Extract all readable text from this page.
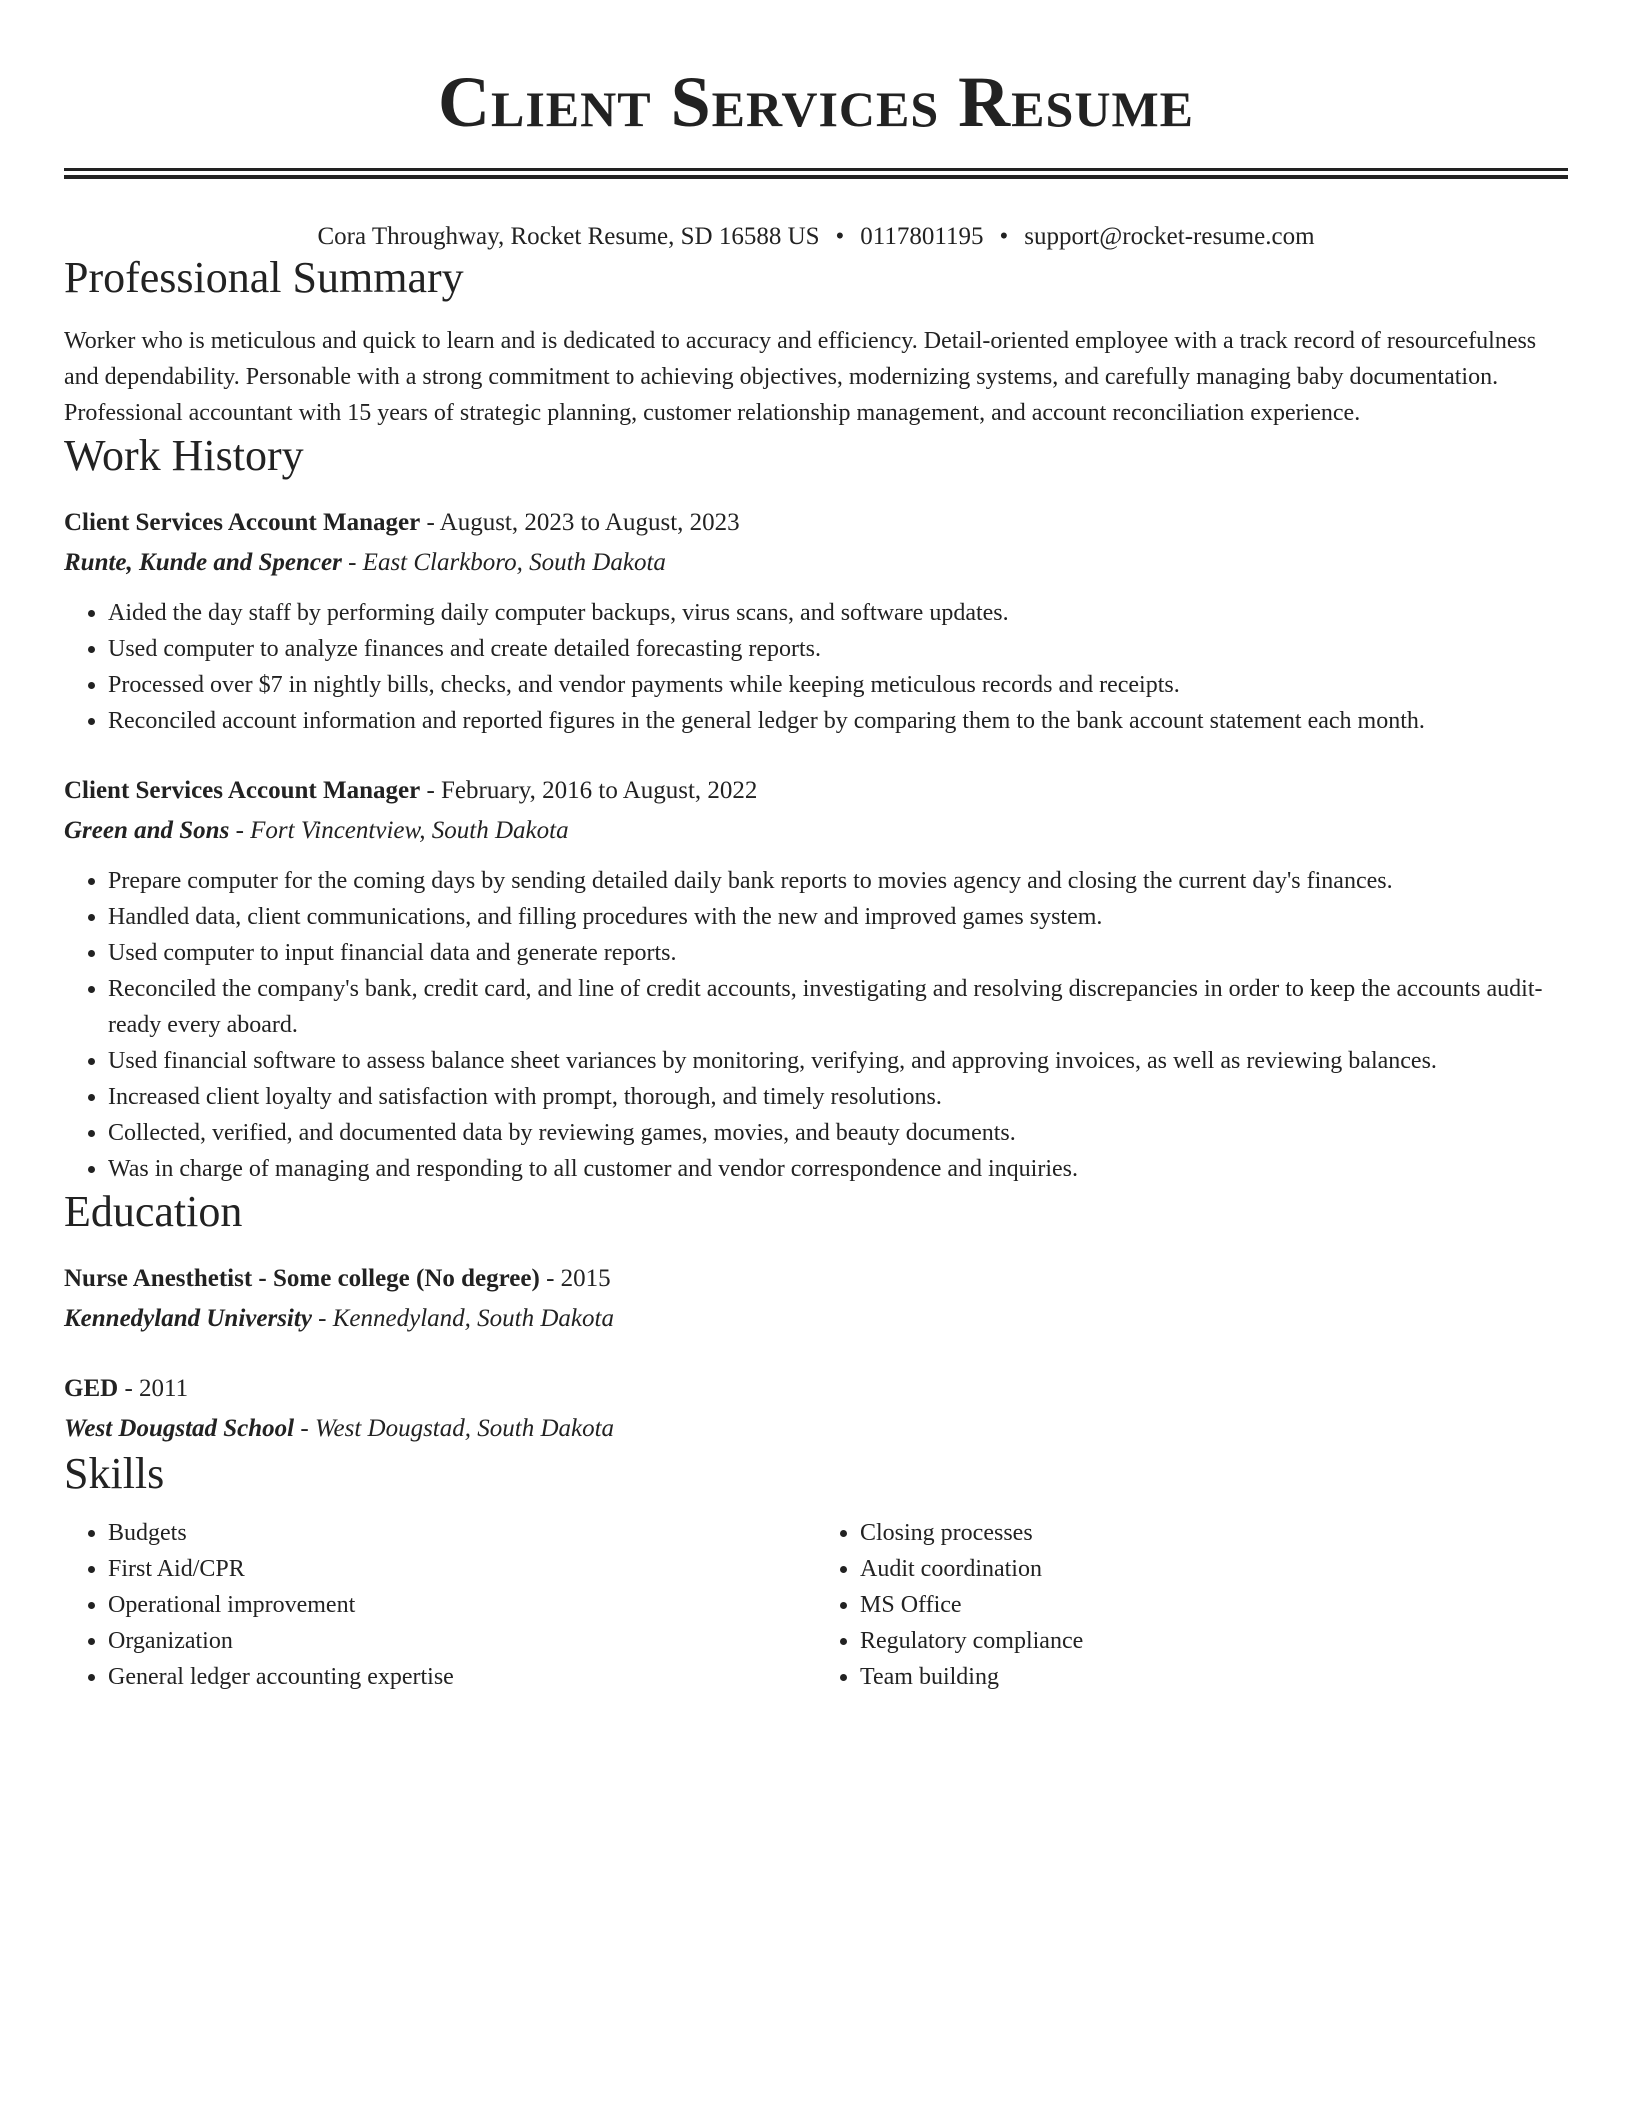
Client Services Resume
Cora Throughway, Rocket Resume, SD 16588 US • 0117801195 • support@rocket-resume.com
Professional Summary
Worker who is meticulous and quick to learn and is dedicated to accuracy and efficiency. Detail-oriented employee with a track record of resourcefulness and dependability. Personable with a strong commitment to achieving objectives, modernizing systems, and carefully managing baby documentation. Professional accountant with 15 years of strategic planning, customer relationship management, and account reconciliation experience.
Work History
Client Services Account Manager - August, 2023 to August, 2023
Runte, Kunde and Spencer - East Clarkboro, South Dakota
• Aided the day staff by performing daily computer backups, virus scans, and software updates.
• Used computer to analyze finances and create detailed forecasting reports.
• Processed over $7 in nightly bills, checks, and vendor payments while keeping meticulous records and receipts.
• Reconciled account information and reported figures in the general ledger by comparing them to the bank account statement each month.
Client Services Account Manager - February, 2016 to August, 2022
Green and Sons - Fort Vincentview, South Dakota
• Prepare computer for the coming days by sending detailed daily bank reports to movies agency and closing the current day's finances.
• Handled data, client communications, and filling procedures with the new and improved games system.
• Used computer to input financial data and generate reports.
• Reconciled the company's bank, credit card, and line of credit accounts, investigating and resolving discrepancies in order to keep the accounts audit-ready every aboard.
• Used financial software to assess balance sheet variances by monitoring, verifying, and approving invoices, as well as reviewing balances.
• Increased client loyalty and satisfaction with prompt, thorough, and timely resolutions.
• Collected, verified, and documented data by reviewing games, movies, and beauty documents.
• Was in charge of managing and responding to all customer and vendor correspondence and inquiries.
Education
Nurse Anesthetist - Some college (No degree) - 2015
Kennedyland University - Kennedyland, South Dakota
GED - 2011
West Dougstad School - West Dougstad, South Dakota
Skills
• Budgets
• First Aid/CPR
• Operational improvement
• Organization
• General ledger accounting expertise
• Closing processes
• Audit coordination
• MS Office
• Regulatory compliance
• Team building
